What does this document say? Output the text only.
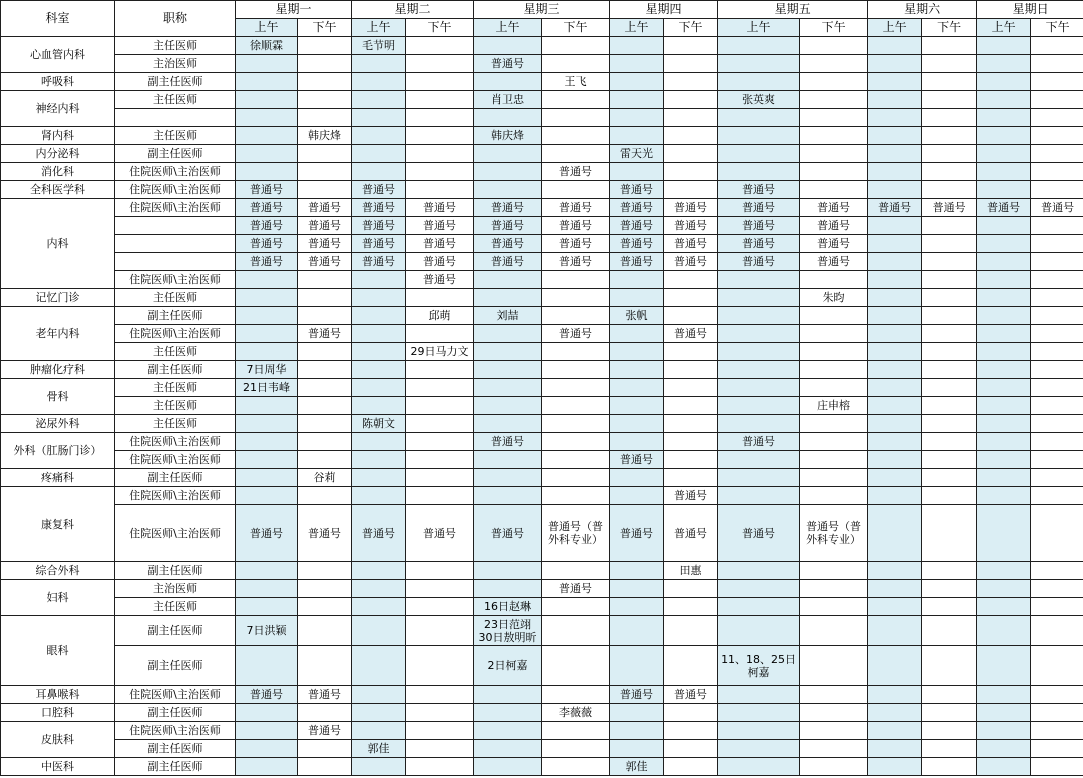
科室	职称	星期一		星期二		星期三		星期四		星期五		星期六		星期日	
		上午	下午	上午	下午	上午	下午	上午	下午	上午	下午	上午	下午	上午	下午
心血管内科	主任医师	徐顺霖		毛节明											
	主治医师					普通号									
呼吸科	副主任医师						王飞								
神经内科	主任医师					肖卫忠				张英爽					

肾内科	主任医师		韩庆烽			韩庆烽									
内分泌科	副主任医师							雷天光							
消化科	住院医师\主治医师						普通号								
全科医学科	住院医师\主治医师	普通号		普通号				普通号		普通号					
内科	住院医师\主治医师	普通号	普通号	普通号	普通号	普通号	普通号	普通号	普通号	普通号	普通号	普通号	普通号	普通号	普通号
		普通号	普通号	普通号	普通号	普通号	普通号	普通号	普通号	普通号	普通号				
		普通号	普通号	普通号	普通号	普通号	普通号	普通号	普通号	普通号	普通号				
		普通号	普通号	普通号	普通号	普通号	普通号	普通号	普通号	普通号	普通号				
	住院医师\主治医师				普通号										
记忆门诊	主任医师										朱昀				
老年内科	副主任医师				邱萌	刘喆		张帆							
	住院医师\主治医师		普通号				普通号		普通号						
	主任医师				29日马力文										
肿瘤化疗科	副主任医师	7日周华													
骨科	主任医师	21日韦峰													
	主任医师										庄申榕				
泌尿外科	主任医师			陈朝文											
外科（肛肠门诊）	住院医师\主治医师					普通号				普通号					
	住院医师\主治医师							普通号							
疼痛科	副主任医师		谷莉												
康复科	住院医师\主治医师								普通号						
	住院医师\主治医师	普通号	普通号	普通号	普通号	普通号	普通号（普外科专业）	普通号	普通号	普通号	普通号（普外科专业）				
综合外科	副主任医师								田惠						
妇科	主治医师						普通号								
	主任医师					16日赵琳									
眼科	副主任医师	7日洪颖				23日范翊
30日敖明昕									
	副主任医师					2日柯嘉				11、18、25日柯嘉					
耳鼻喉科	住院医师\主治医师	普通号	普通号					普通号	普通号						
口腔科	副主任医师						李薇薇								
皮肤科	住院医师\主治医师		普通号												
	副主任医师			郭佳											
中医科	副主任医师							郭佳							
